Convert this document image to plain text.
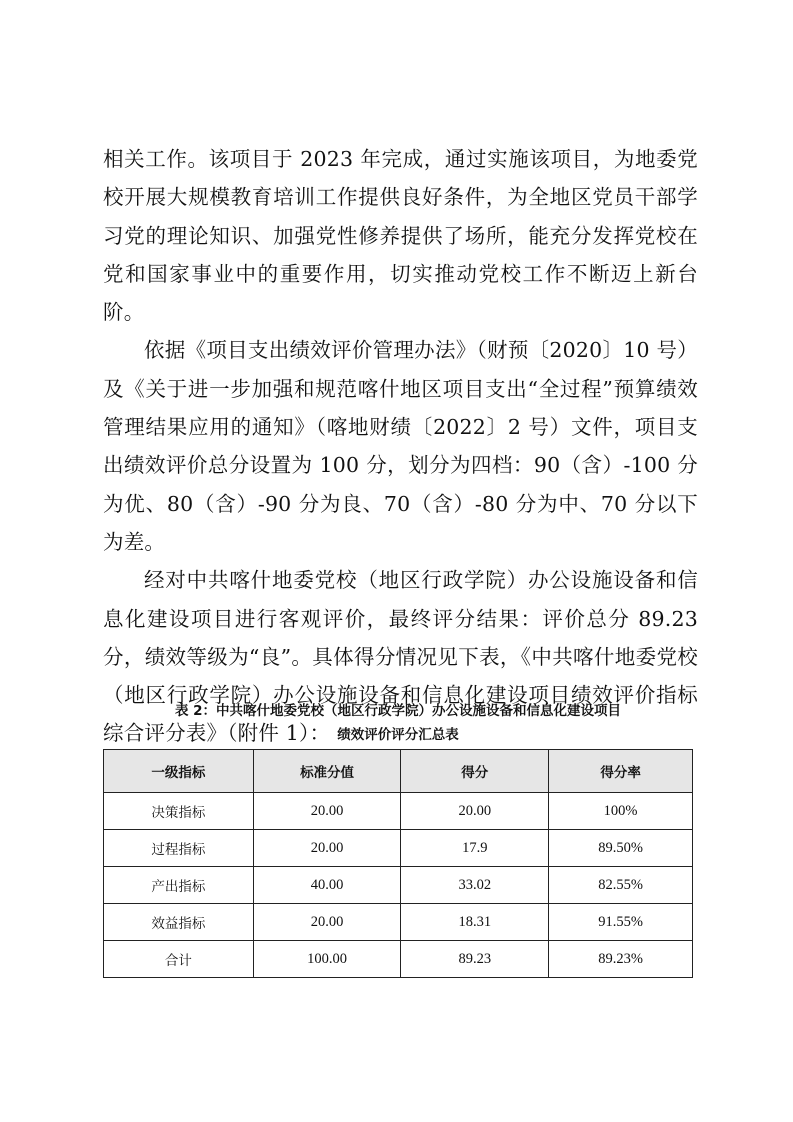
相关工作。该项目于 2023 年完成，通过实施该项目，为地委党校开展大规模教育培训工作提供良好条件，为全地区党员干部学习党的理论知识、加强党性修养提供了场所，能充分发挥党校在党和国家事业中的重要作用，切实推动党校工作不断迈上新台阶。

依据《项目支出绩效评价管理办法》（财预〔2020〕10 号）及《关于进一步加强和规范喀什地区项目支出“全过程”预算绩效管理结果应用的通知》（喀地财绩〔2022〕2 号）文件，项目支出绩效评价总分设置为 100 分，划分为四档：90（含）-100 分为优、80（含）-90 分为良、70（含）-80 分为中、70 分以下为差。

经对中共喀什地委党校（地区行政学院）办公设施设备和信息化建设项目进行客观评价，最终评分结果：评价总分 89.23 分，绩效等级为“良”。具体得分情况见下表，《中共喀什地委党校（地区行政学院）办公设施设备和信息化建设项目绩效评价指标综合评分表》（附件 1）：

表 2：中共喀什地委党校（地区行政学院）办公设施设备和信息化建设项目
绩效评价评分汇总表
一级指标	标准分值	得分	得分率
决策指标	20.00	20.00	100%
过程指标	20.00	17.9	89.50%
产出指标	40.00	33.02	82.55%
效益指标	20.00	18.31	91.55%
合计	100.00	89.23	89.23%
